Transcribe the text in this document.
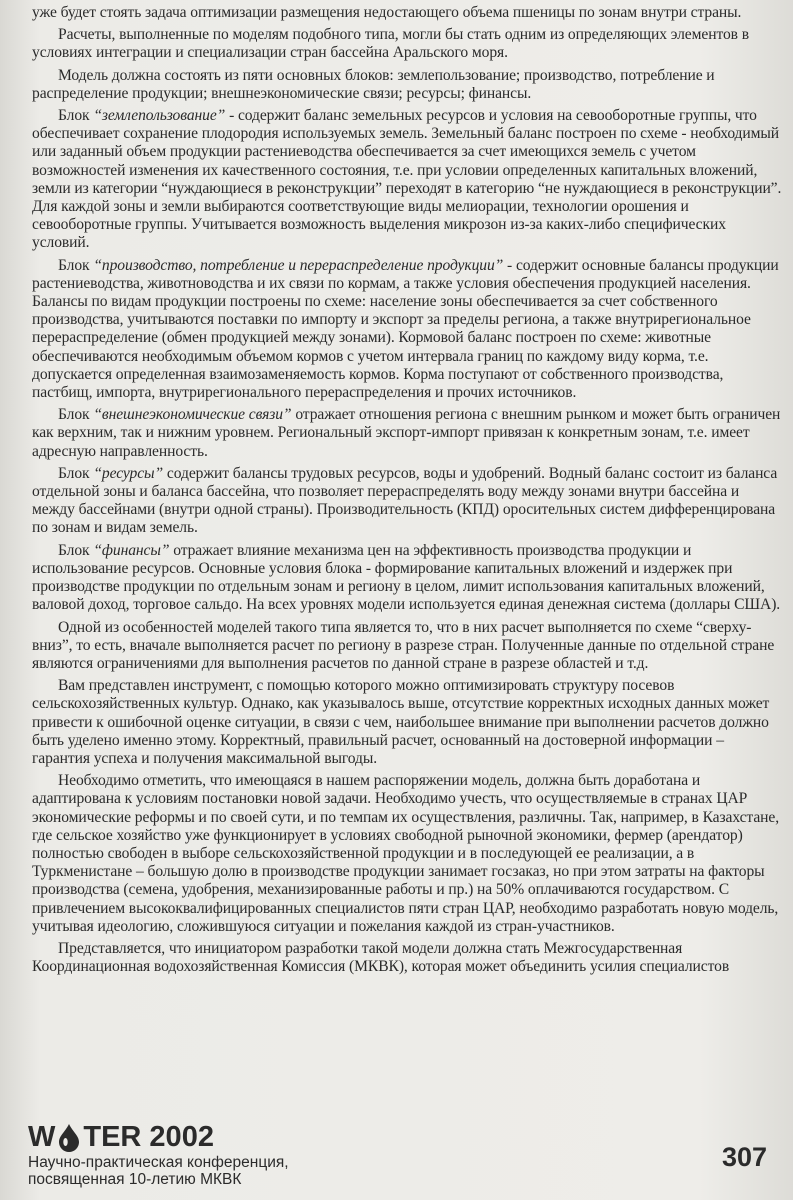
уже будет стоять задача оптимизации размещения недостающего объема пшеницы по зонам внутри страны.

Расчеты, выполненные по моделям подобного типа, могли бы стать одним из определяющих элементов в условиях интеграции и специализации стран бассейна Аральского моря.

Модель должна состоять из пяти основных блоков: землепользование; производство, потребление и распределение продукции; внешнеэкономические связи; ресурсы; финансы.

Блок “землепользование” - содержит баланс земельных ресурсов и условия на севооборотные группы, что обеспечивает сохранение плодородия используемых земель. Земельный баланс построен по схеме - необходимый или заданный объем продукции растениеводства обеспечивается за счет имеющихся земель с учетом возможностей изменения их качественного состояния, т.е. при условии определенных капитальных вложений, земли из категории “нуждающиеся в реконструкции” переходят в категорию “не нуждающиеся в реконструкции”. Для каждой зоны и земли выбираются соответствующие виды мелиорации, технологии орошения и севооборотные группы. Учитывается возможность выделения микрозон из-за каких-либо специфических условий.

Блок “производство, потребление и перераспределение продукции” - содержит основные балансы продукции растениеводства, животноводства и их связи по кормам, а также условия обеспечения продукцией населения. Балансы по видам продукции построены по схеме: население зоны обеспечивается за счет собственного производства, учитываются поставки по импорту и экспорт за пределы региона, а также внутрирегиональное перераспределение (обмен продукцией между зонами). Кормовой баланс построен по схеме: животные обеспечиваются необходимым объемом кормов с учетом интервала границ по каждому виду корма, т.е. допускается определенная взаимозаменяемость кормов. Корма поступают от собственного производства, пастбищ, импорта, внутрирегионального перераспределения и прочих источников.

Блок “внешнеэкономические связи” отражает отношения региона с внешним рынком и может быть ограничен как верхним, так и нижним уровнем. Региональный экспорт-импорт привязан к конкретным зонам, т.е. имеет адресную направленность.

Блок “ресурсы” содержит балансы трудовых ресурсов, воды и удобрений. Водный баланс состоит из баланса отдельной зоны и баланса бассейна, что позволяет перераспределять воду между зонами внутри бассейна и между бассейнами (внутри одной страны). Производительность (КПД) оросительных систем дифференцирована по зонам и видам земель.

Блок “финансы” отражает влияние механизма цен на эффективность производства продукции и использование ресурсов. Основные условия блока - формирование капитальных вложений и издержек при производстве продукции по отдельным зонам и региону в целом, лимит использования капитальных вложений, валовой доход, торговое сальдо. На всех уровнях модели используется единая денежная система (доллары США).

Одной из особенностей моделей такого типа является то, что в них расчет выполняется по схеме “сверху-вниз”, то есть, вначале выполняется расчет по региону в разрезе стран. Полученные данные по отдельной стране являются ограничениями для выполнения расчетов по данной стране в разрезе областей и т.д.

Вам представлен инструмент, с помощью которого можно оптимизировать структуру посевов сельскохозяйственных культур. Однако, как указывалось выше, отсутствие корректных исходных данных может привести к ошибочной оценке ситуации, в связи с чем, наибольшее внимание при выполнении расчетов должно быть уделено именно этому. Корректный, правильный расчет, основанный на достоверной информации – гарантия успеха и получения максимальной выгоды.

Необходимо отметить, что имеющаяся в нашем распоряжении модель, должна быть доработана и адаптирована к условиям постановки новой задачи. Необходимо учесть, что осуществляемые в странах ЦАР экономические реформы и по своей сути, и по темпам их осуществления, различны. Так, например, в Казахстане, где сельское хозяйство уже функционирует в условиях свободной рыночной экономики, фермер (арендатор) полностью свободен в выборе сельскохозяйственной продукции и в последующей ее реализации, а в Туркменистане – большую долю в производстве продукции занимает госзаказ, но при этом затраты на факторы производства (семена, удобрения, механизированные работы и пр.) на 50% оплачиваются государством. С привлечением высококвалифицированных специалистов пяти стран ЦАР, необходимо разработать новую модель, учитывая идеологию, сложившуюся ситуации и пожелания каждой из стран-участников.

Представляется, что инициатором разработки такой модели должна стать Межгосударственная Координационная водохозяйственная Комиссия (МКВК), которая может объединить усилия специалистов

W TER 2002
Научно-практическая конференция,
посвященная 10-летию МКВК
307
